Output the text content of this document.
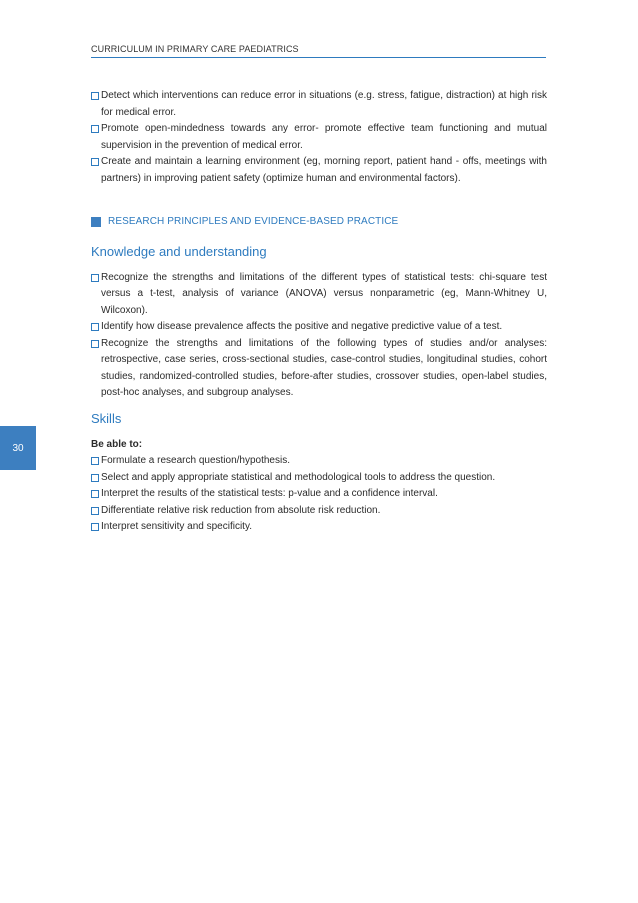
CURRICULUM IN PRIMARY CARE PAEDIATRICS
30
Detect which interventions can reduce error in situations (e.g. stress, fatigue, distraction) at high risk for medical error.
Promote open-mindedness towards any error- promote effective team functioning and mutual supervision in the prevention of medical error.
Create and maintain a learning environment (eg, morning report, patient hand - offs, meetings with partners) in improving patient safety (optimize human and environmental factors).
RESEARCH PRINCIPLES AND EVIDENCE-BASED PRACTICE
Knowledge and understanding
Recognize the strengths and limitations of the different types of statistical tests: chi-square test versus a t-test, analysis of variance (ANOVA) versus nonparametric (eg, Mann-Whitney U, Wilcoxon).
Identify how disease prevalence affects the positive and negative predictive value of a test.
Recognize the strengths and limitations of the following types of studies and/or analyses: retrospective, case series, cross-sectional studies, case-control studies, longitudinal studies, cohort studies, randomized-controlled studies, before-after studies, crossover studies, open-label studies, post-hoc analyses, and subgroup analyses.
Skills
Be able to:
Formulate a research question/hypothesis.
Select and apply appropriate statistical and methodological tools to address the question.
Interpret the results of the statistical tests: p-value and a confidence interval.
Differentiate relative risk reduction from absolute risk reduction.
Interpret sensitivity and specificity.
